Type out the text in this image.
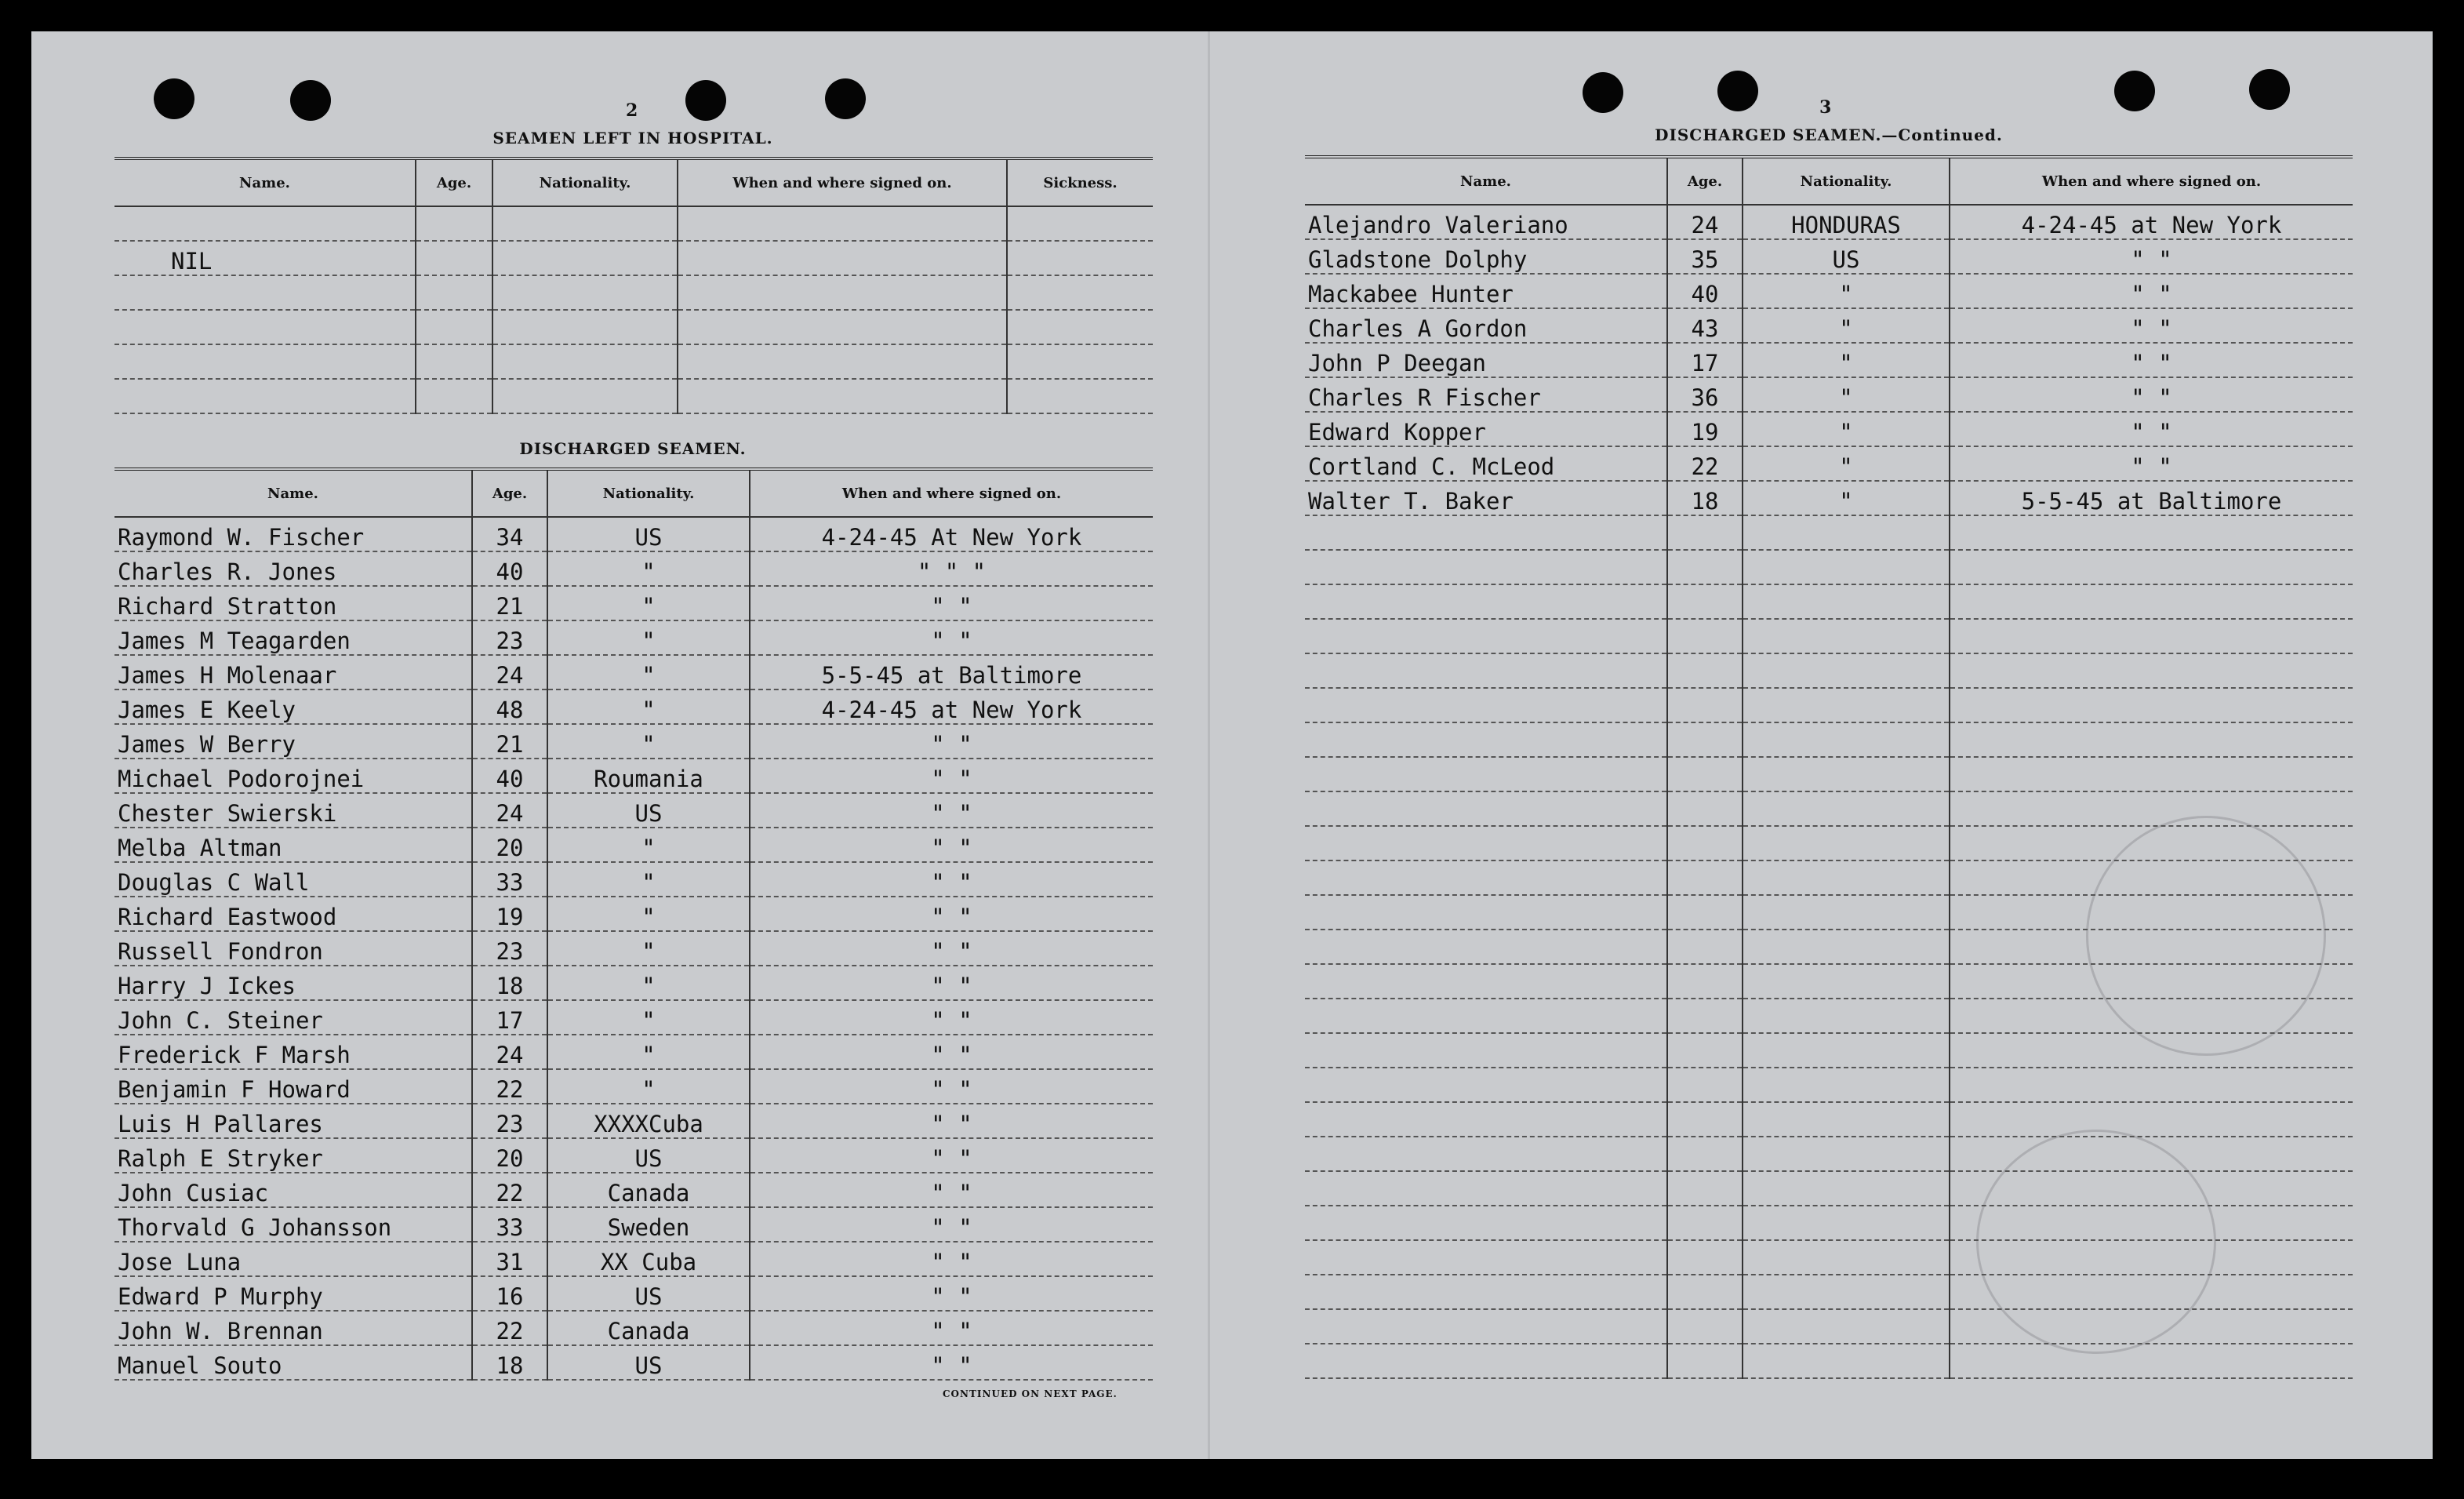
2
SEAMEN LEFT IN HOSPITAL.
Name.	Age.	Nationality.	When and where signed on.	Sickness.

NIL				

DISCHARGED SEAMEN.
Name.	Age.	Nationality.	When and where signed on.
Raymond W. Fischer	34	US	4-24-45 At New York
Charles R. Jones	40	"	" " "
Richard Stratton	21	"	" "
James M Teagarden	23	"	" "
James H Molenaar	24	"	5-5-45 at Baltimore
James E Keely	48	"	4-24-45 at New York
James W Berry	21	"	" "
Michael Podorojnei	40	Roumania	" "
Chester Swierski	24	US	" "
Melba Altman	20	"	" "
Douglas C Wall	33	"	" "
Richard Eastwood	19	"	" "
Russell Fondron	23	"	" "
Harry J Ickes	18	"	" "
John C. Steiner	17	"	" "
Frederick F Marsh	24	"	" "
Benjamin F Howard	22	"	" "
Luis H Pallares	23	XXXXCuba	" "
Ralph E Stryker	20	US	" "
John Cusiac	22	Canada	" "
Thorvald G Johansson	33	Sweden	" "
Jose Luna	31	XX Cuba	" "
Edward P Murphy	16	US	" "
John W. Brennan	22	Canada	" "
Manuel Souto	18	US	" "
CONTINUED ON NEXT PAGE.
3
DISCHARGED SEAMEN.—Continued.
Name.	Age.	Nationality.	When and where signed on.
Alejandro Valeriano	24	HONDURAS	4-24-45 at New York
Gladstone Dolphy	35	US	" "
Mackabee Hunter	40	"	" "
Charles A Gordon	43	"	" "
John P Deegan	17	"	" "
Charles R Fischer	36	"	" "
Edward Kopper	19	"	" "
Cortland C. McLeod	22	"	" "
Walter T. Baker	18	"	5-5-45 at Baltimore
